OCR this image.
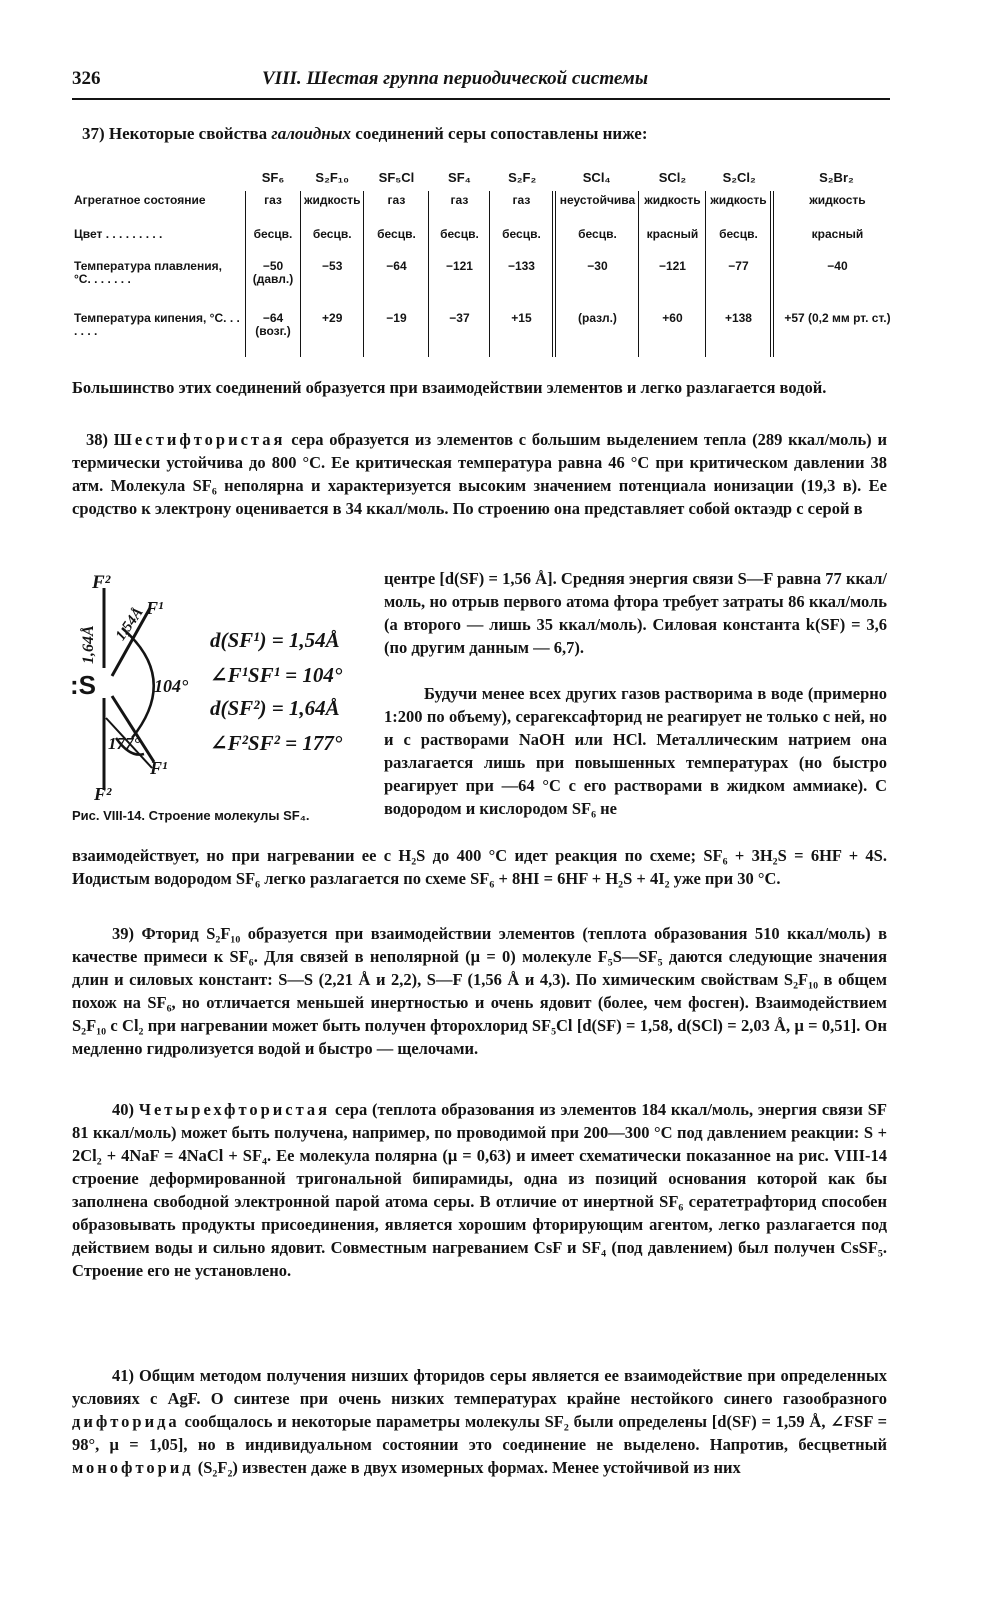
326	VIII. Шестая группа периодической системы
37) Некоторые свойства галоидных соединений серы сопоставлены ниже:
	SF₆	S₂F₁₀	SF₅Cl	SF₄	S₂F₂	SCl₄	SCl₂	S₂Cl₂	S₂Br₂
Агрегатное состояние	газ	жидкость	газ	газ	газ	неустойчива	жидкость	жидкость	жидкость
Цвет . . . . . . . . .	бесцв.	бесцв.	бесцв.	бесцв.	бесцв.	бесцв.	красный	бесцв.	красный
Температура плавления, °С. . . . . . .	−50 (давл.)	−53	−64	−121	−133	−30	−121	−77	−40
Температура кипения, °С. . . . . . .	−64 (возг.)	+29	−19	−37	+15	(разл.)	+60	+138	+57 (0,2 мм рт. ст.)
Большинство этих соединений образуется при взаимодействии элементов и легко разлагается водой.
38) Шестифтористая сера образуется из элементов с большим выделением тепла (289 ккал/моль) и термически устойчива до 800 °С. Ее критическая температура равна 46 °С при критическом давлении 38 атм. Молекула SF₆ неполярна и характеризуется высоким значением потенциала ионизации (19,3 в). Ее сродство к электрону оценивается в 34 ккал/моль. По строению она представляет собой октаэдр с серой в
центре [d(SF) = 1,56 Å]. Средняя энергия связи S—F равна 77 ккал/моль, но отрыв первого атома фтора требует затраты 86 ккал/моль (а второго — лишь 35 ккал/моль). Силовая константа k(SF) = 3,6 (по другим данным — 6,7).
Будучи менее всех других газов растворима в воде (примерно 1:200 по объему), серагексафторид не реагирует не только с ней, но и с растворами NaOH или HCl. Металлическим натрием она разлагается лишь при повышенных температурах (но быстро реагирует при —64 °С с его растворами в жидком аммиаке). С водородом и кислородом SF₆ не
F²
F¹
1,64Å
1,54Å
:S	104°
177°
F¹
F²
d(SF¹) = 1,54Å
∠F¹SF¹ = 104°
d(SF²) = 1,64Å
∠F²SF² = 177°
Рис. VIII-14. Строение молекулы SF₄.
взаимодействует, но при нагревании ее с H₂S до 400 °С идет реакция по схеме; SF₆ + 3H₂S = 6HF + 4S. Иодистым водородом SF₆ легко разлагается по схеме SF₆ + 8HI = 6HF + H₂S + 4I₂ уже при 30 °С.
39) Фторид S₂F₁₀ образуется при взаимодействии элементов (теплота образования 510 ккал/моль) в качестве примеси к SF₆. Для связей в неполярной (μ = 0) молекуле F₅S—SF₅ даются следующие значения длин и силовых констант: S—S (2,21 Å и 2,2), S—F (1,56 Å и 4,3). По химическим свойствам S₂F₁₀ в общем похож на SF₆, но отличается меньшей инертностью и очень ядовит (более, чем фосген). Взаимодействием S₂F₁₀ с Cl₂ при нагревании может быть получен фторохлорид SF₅Cl [d(SF) = 1,58, d(SCl) = 2,03 Å, μ = 0,51]. Он медленно гидролизуется водой и быстро — щелочами.
40) Четырехфтористая сера (теплота образования из элементов 184 ккал/моль, энергия связи SF 81 ккал/моль) может быть получена, например, по проводимой при 200—300 °С под давлением реакции: S + 2Cl₂ + 4NaF = 4NaCl + SF₄. Ее молекула полярна (μ = 0,63) и имеет схематически показанное на рис. VIII-14 строение деформированной тригональной бипирамиды, одна из позиций основания которой как бы заполнена свободной электронной парой атома серы. В отличие от инертной SF₆ сератетрафторид способен образовывать продукты присоединения, является хорошим фторирующим агентом, легко разлагается под действием воды и сильно ядовит. Совместным нагреванием CsF и SF₄ (под давлением) был получен CsSF₅. Строение его не установлено.
41) Общим методом получения низших фторидов серы является ее взаимодействие при определенных условиях с AgF. О синтезе при очень низких температурах крайне нестойкого синего газообразного дифторида сообщалось и некоторые параметры молекулы SF₂ были определены [d(SF) = 1,59 Å, ∠FSF = 98°, μ = 1,05], но в индивидуальном состоянии это соединение не выделено. Напротив, бесцветный монофторид (S₂F₂) известен даже в двух изомерных формах. Менее устойчивой из них
